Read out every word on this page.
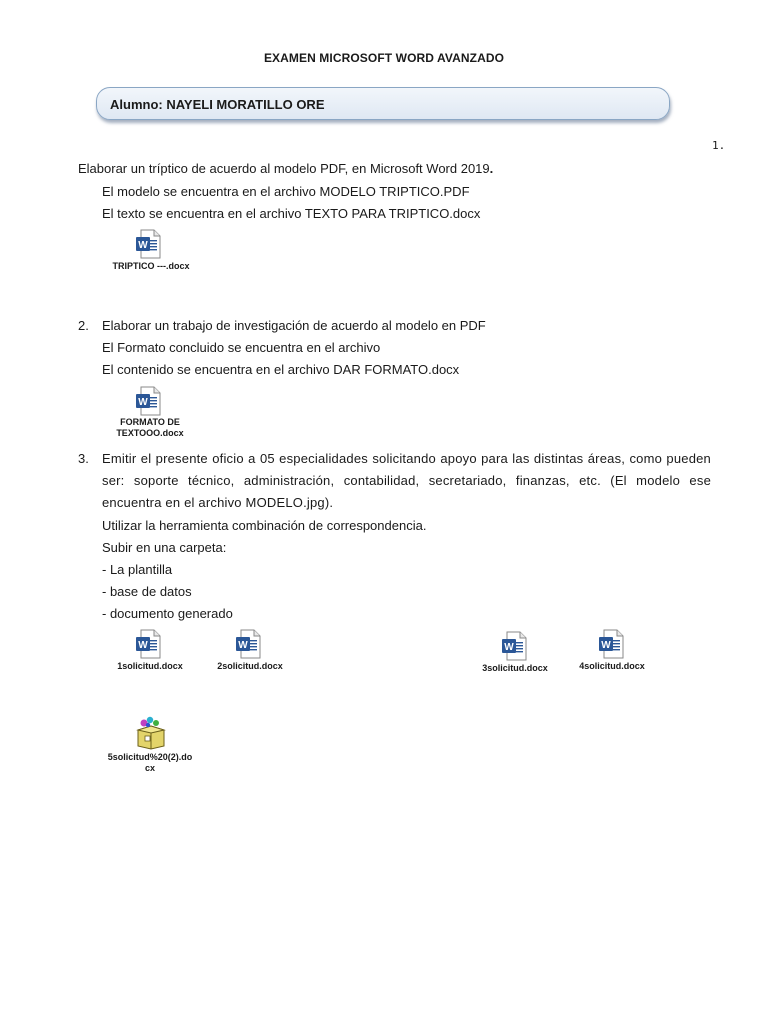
EXAMEN MICROSOFT WORD AVANZADO
Alumno: NAYELI MORATILLO ORE
1.
Elaborar un tríptico de acuerdo al modelo PDF, en Microsoft Word 2019.
El modelo se encuentra en el archivo MODELO TRIPTICO.PDF
El texto se encuentra en el archivo TEXTO PARA TRIPTICO.docx
TRIPTICO ---.docx
2. Elaborar un trabajo de investigación de acuerdo al modelo en PDF
El Formato concluido se encuentra en el archivo
El contenido se encuentra en el archivo DAR FORMATO.docx
FORMATO DE
TEXTOOO.docx
3. Emitir el presente oficio a 05 especialidades solicitando apoyo para las distintas áreas, como pueden ser: soporte técnico, administración, contabilidad, secretariado, finanzas, etc. (El modelo ese encuentra en el archivo MODELO.jpg).
Utilizar la herramienta combinación de correspondencia.
Subir en una carpeta:
- La plantilla
- base de datos
- documento generado
1solicitud.docx	2solicitud.docx	3solicitud.docx	4solicitud.docx
5solicitud%20(2).do
cx
